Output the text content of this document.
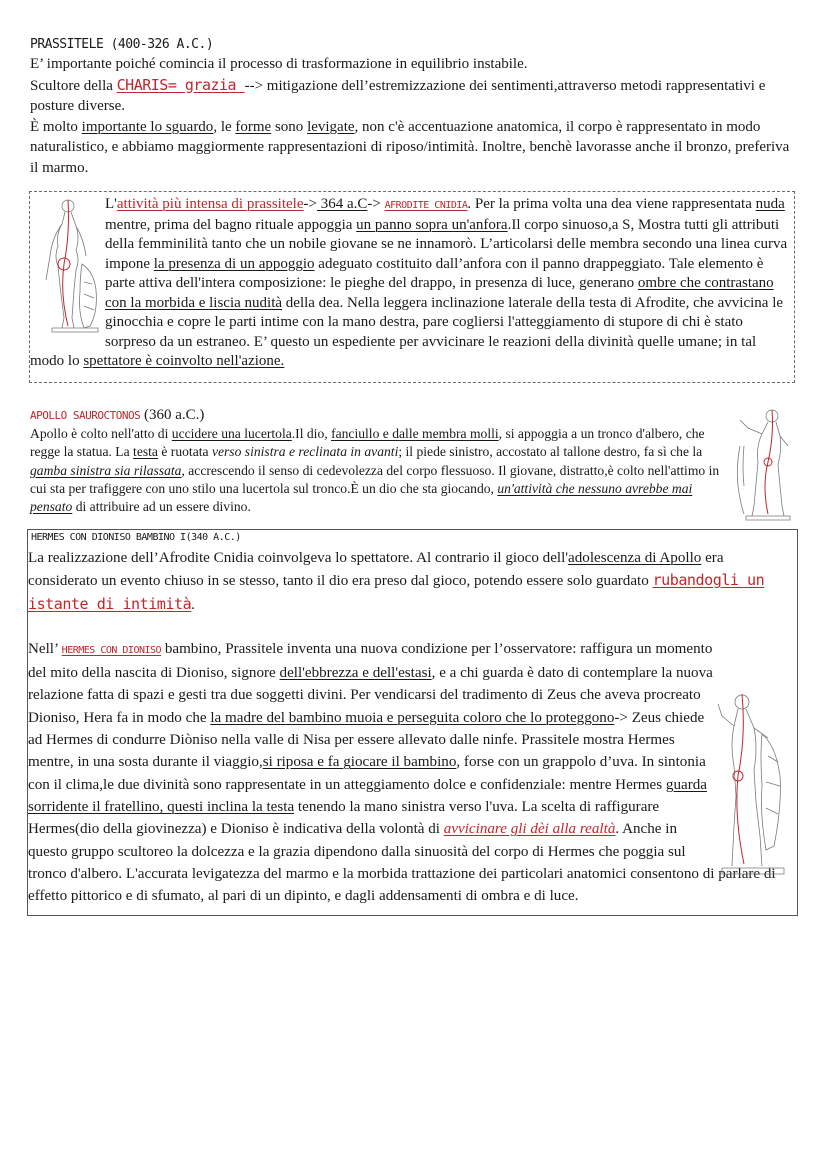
PRASSITELE (400-326 A.C.)

E’ importante poiché comincia il processo di trasformazione in equilibrio instabile.

Scultore della CHARIS= grazia --> mitigazione dell’estremizzazione dei sentimenti,attraverso metodi rappresentativi e posture diverse.

È molto importante lo sguardo, le forme sono levigate, non c'è accentuazione anatomica, il corpo è rappresentato in modo naturalistico, e abbiamo maggiormente rappresentazioni di riposo/intimità. Inoltre, benchè lavorasse anche il bronzo, preferiva il marmo.

L'attività più intensa di prassitele-> 364 a.C-> AFRODITE CNIDIA. Per la prima volta una dea viene rappresentata nuda mentre, prima del bagno rituale appoggia un panno sopra un'anfora.Il corpo sinuoso,a S, Mostra tutti gli attributi della femminilità tanto che un nobile giovane se ne innamorò. L’articolarsi delle membra secondo una linea curva impone la presenza di un appoggio adeguato costituito dall’anfora con il panno drappeggiato. Tale elemento è parte attiva dell'intera composizione: le pieghe del drappo, in presenza di luce, generano ombre che contrastano con la morbida e liscia nudità della dea. Nella leggera inclinazione laterale della testa di Afrodite, che avvicina le ginocchia e copre le parti intime con la mano destra, pare cogliersi l'atteggiamento di stupore di chi è stato sorpreso da un estraneo. E’ questo un espediente per avvicinare le reazioni della divinità quelle umane; in tal modo lo spettatore è coinvolto nell'azione.
APOLLO SAUROCTONOS (360 a.C.)
Apollo è colto nell'atto di uccidere una lucertola.Il dio, fanciullo e dalle membra molli, si appoggia a un tronco d'albero, che regge la statua. La testa è ruotata verso sinistra e reclinata in avanti; il piede sinistro, accostato al tallone destro, fa sì che la gamba sinistra sia rilassata, accrescendo il senso di cedevolezza del corpo flessuoso. Il giovane, distratto,è colto nell'attimo in cui sta per trafiggere con uno stilo una lucertola sul tronco.È un dio che sta giocando, un'attività che nessuno avrebbe mai pensato di attribuire ad un essere divino.
HERMES CON DIONISO BAMBINO I(340 A.C.)

La realizzazione dell’Afrodite Cnidia coinvolgeva lo spettatore. Al contrario il gioco dell'adolescenza di Apollo era considerato un evento chiuso in se stesso, tanto il dio era preso dal gioco, potendo essere solo guardato rubandogli un istante di intimità.

Nell’ HERMES CON DIONISO bambino, Prassitele inventa una nuova condizione per l’osservatore: raffigura un momento del mito della nascita di Dioniso, signore dell'ebbrezza e dell'estasi, e a chi guarda è dato di contemplare la nuova relazione fatta di spazi e gesti tra due soggetti divini. Per vendicarsi del tradimento di Zeus che aveva procreato Dioniso, Hera fa in modo che la madre del bambino muoia e perseguita coloro che lo proteggono-> Zeus chiede ad Hermes di condurre Diòniso nella valle di Nisa per essere allevato dalle ninfe. Prassitele mostra Hermes mentre, in una sosta durante il viaggio,si riposa e fa giocare il bambino, forse con un grappolo d’uva. In sintonia con il clima,le due divinità sono rappresentate in un atteggiamento dolce e confidenziale: mentre Hermes guarda sorridente il fratellino, questi inclina la testa tenendo la mano sinistra verso l'uva. La scelta di raffigurare Hermes(dio della giovinezza) e Dioniso è indicativa della volontà di avvicinare gli dèi alla realtà. Anche in questo gruppo scultoreo la dolcezza e la grazia dipendono dalla sinuosità del corpo di Hermes che poggia sul tronco d'albero. L'accurata levigatezza del marmo e la morbida trattazione dei particolari anatomici consentono di parlare di effetto pittorico e di sfumato, al pari di un dipinto, e dagli addensamenti di ombra e di luce.
